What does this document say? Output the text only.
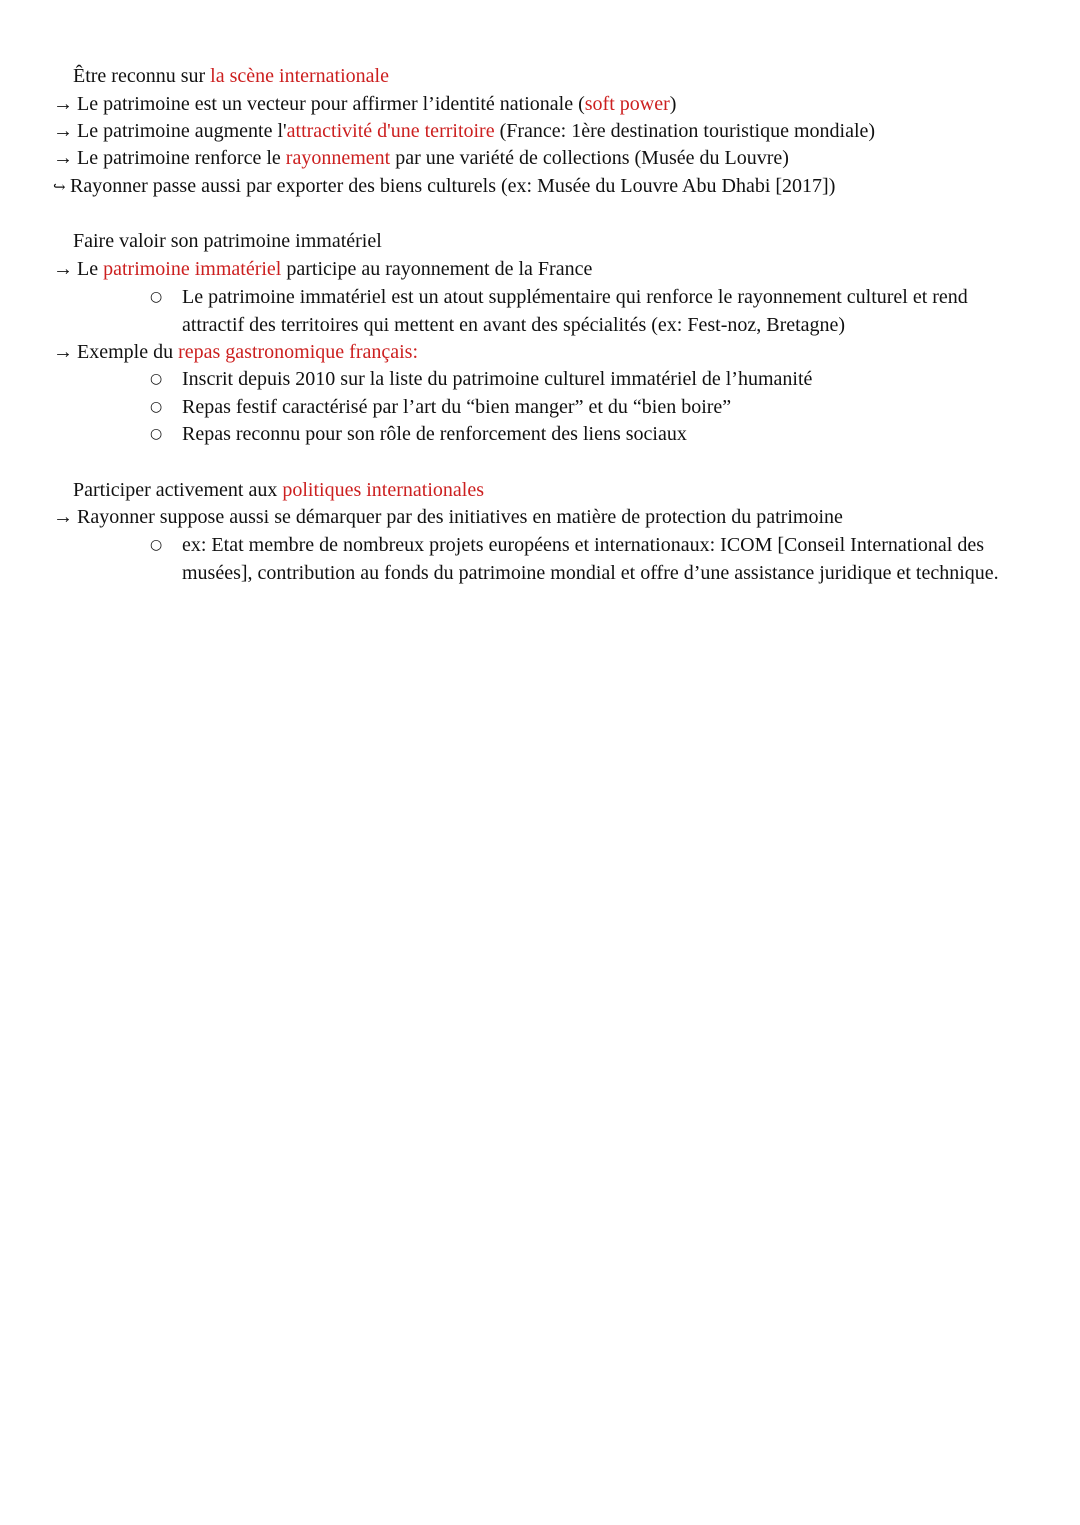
Être reconnu sur la scène internationale
→ Le patrimoine est un vecteur pour affirmer l’identité nationale (soft power)
→ Le patrimoine augmente l'attractivité d'une territoire (France: 1ère destination touristique mondiale)
→ Le patrimoine renforce le rayonnement par une variété de collections (Musée du Louvre)
↪ Rayonner passe aussi par exporter des biens culturels (ex: Musée du Louvre Abu Dhabi [2017])
Faire valoir son patrimoine immatériel
→ Le patrimoine immatériel participe au rayonnement de la France
○ Le patrimoine immatériel est un atout supplémentaire qui renforce le rayonnement culturel et rend attractif des territoires qui mettent en avant des spécialités (ex: Fest-noz, Bretagne)
→ Exemple du repas gastronomique français:
○ Inscrit depuis 2010 sur la liste du patrimoine culturel immatériel de l’humanité
○ Repas festif caractérisé par l’art du “bien manger” et du “bien boire”
○ Repas reconnu pour son rôle de renforcement des liens sociaux
Participer activement aux politiques internationales
→ Rayonner suppose aussi se démarquer par des initiatives en matière de protection du patrimoine
○ ex: Etat membre de nombreux projets européens et internationaux: ICOM [Conseil International des musées], contribution au fonds du patrimoine mondial et offre d’une assistance juridique et technique.
